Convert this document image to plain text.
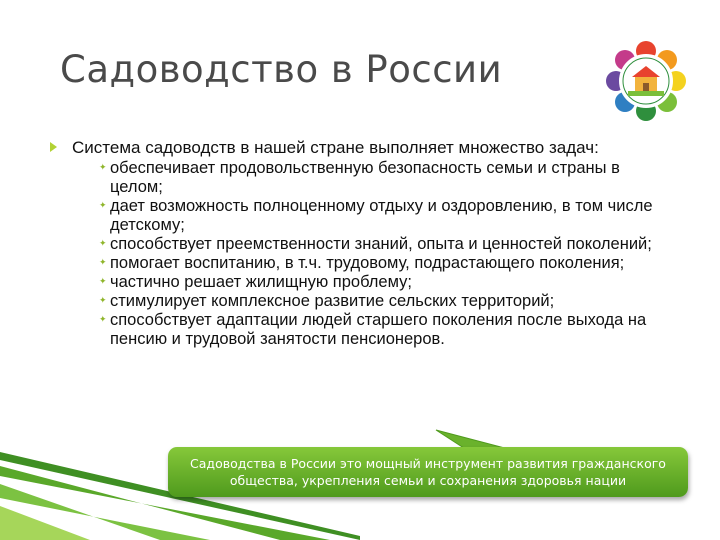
Садоводство в России
Система садоводств в нашей стране выполняет множество задач:
✦ обеспечивает продовольственную безопасность семьи и страны в целом;
✦ дает возможность полноценному отдыху и оздоровлению, в том числе детскому;
✦ способствует преемственности знаний, опыта и ценностей поколений;
✦ помогает воспитанию, в т.ч. трудовому, подрастающего поколения;
✦ частично решает жилищную проблему;
✦ стимулирует комплексное развитие сельских территорий;
✦ способствует адаптации людей старшего поколения после выхода на пенсию и трудовой занятости пенсионеров.
Садоводства в России это мощный инструмент развития гражданского
общества, укрепления семьи и сохранения здоровья нации
